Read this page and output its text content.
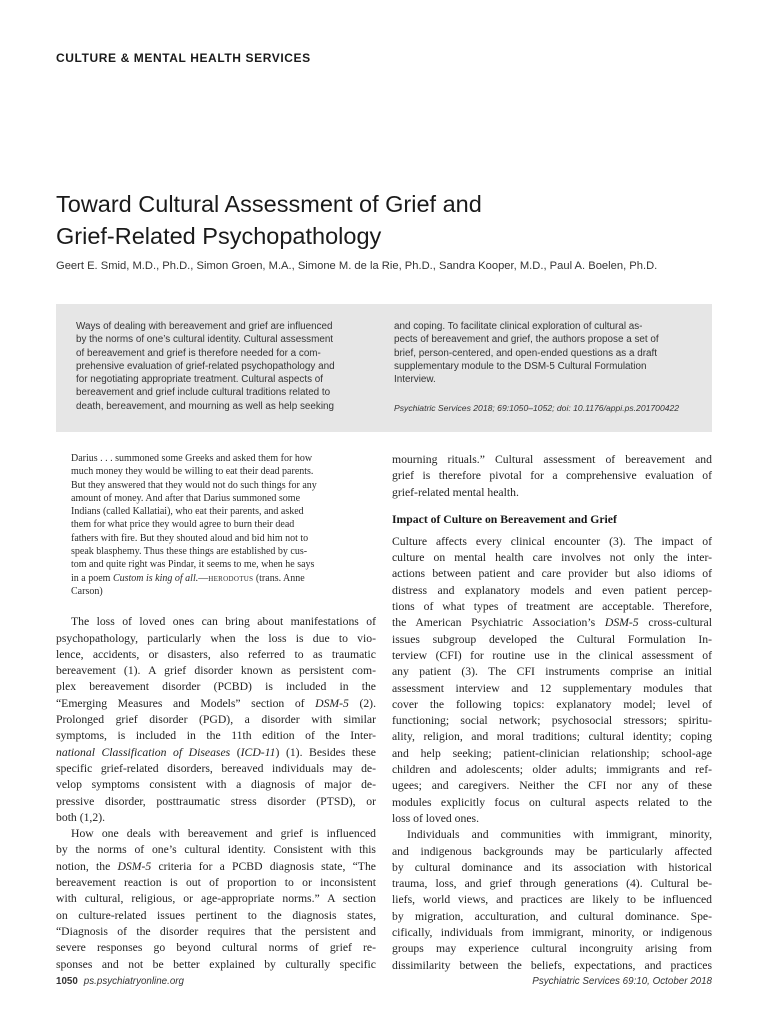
CULTURE & MENTAL HEALTH SERVICES
Toward Cultural Assessment of Grief and
Grief-Related Psychopathology
Geert E. Smid, M.D., Ph.D., Simon Groen, M.A., Simone M. de la Rie, Ph.D., Sandra Kooper, M.D., Paul A. Boelen, Ph.D.
Ways of dealing with bereavement and grief are influenced
by the norms of one’s cultural identity. Cultural assessment
of bereavement and grief is therefore needed for a com-
prehensive evaluation of grief-related psychopathology and
for negotiating appropriate treatment. Cultural aspects of
bereavement and grief include cultural traditions related to
death, bereavement, and mourning as well as help seeking
and coping. To facilitate clinical exploration of cultural as-
pects of bereavement and grief, the authors propose a set of
brief, person-centered, and open-ended questions as a draft
supplementary module to the DSM-5 Cultural Formulation
Interview.
Psychiatric Services 2018; 69:1050–1052; doi: 10.1176/appi.ps.201700422
Darius . . . summoned some Greeks and asked them for how
much money they would be willing to eat their dead parents.
But they answered that they would not do such things for any
amount of money. And after that Darius summoned some
Indians (called Kallatiai), who eat their parents, and asked
them for what price they would agree to burn their dead
fathers with fire. But they shouted aloud and bid him not to
speak blasphemy. Thus these things are established by cus-
tom and quite right was Pindar, it seems to me, when he says
in a poem Custom is king of all.—herodotus (trans. Anne
Carson)
The loss of loved ones can bring about manifestations of
psychopathology, particularly when the loss is due to vio-
lence, accidents, or disasters, also referred to as traumatic
bereavement (1). A grief disorder known as persistent com-
plex bereavement disorder (PCBD) is included in the
“Emerging Measures and Models” section of DSM-5 (2).
Prolonged grief disorder (PGD), a disorder with similar
symptoms, is included in the 11th edition of the Inter-
national Classification of Diseases (ICD-11) (1). Besides these
specific grief-related disorders, bereaved individuals may de-
velop symptoms consistent with a diagnosis of major de-
pressive disorder, posttraumatic stress disorder (PTSD), or
both (1,2).
How one deals with bereavement and grief is influenced
by the norms of one’s cultural identity. Consistent with this
notion, the DSM-5 criteria for a PCBD diagnosis state, “The
bereavement reaction is out of proportion to or inconsistent
with cultural, religious, or age-appropriate norms.” A section
on culture-related issues pertinent to the diagnosis states,
“Diagnosis of the disorder requires that the persistent and
severe responses go beyond cultural norms of grief re-
sponses and not be better explained by culturally specific
mourning rituals.” Cultural assessment of bereavement and
grief is therefore pivotal for a comprehensive evaluation of
grief-related mental health.
Impact of Culture on Bereavement and Grief
Culture affects every clinical encounter (3). The impact of
culture on mental health care involves not only the inter-
actions between patient and care provider but also idioms of
distress and explanatory models and even patient percep-
tions of what types of treatment are acceptable. Therefore,
the American Psychiatric Association’s DSM-5 cross-cultural
issues subgroup developed the Cultural Formulation In-
terview (CFI) for routine use in the clinical assessment of
any patient (3). The CFI instruments comprise an initial
assessment interview and 12 supplementary modules that
cover the following topics: explanatory model; level of
functioning; social network; psychosocial stressors; spiritu-
ality, religion, and moral traditions; cultural identity; coping
and help seeking; patient-clinician relationship; school-age
children and adolescents; older adults; immigrants and ref-
ugees; and caregivers. Neither the CFI nor any of these
modules explicitly focus on cultural aspects related to the
loss of loved ones.
Individuals and communities with immigrant, minority,
and indigenous backgrounds may be particularly affected
by cultural dominance and its association with historical
trauma, loss, and grief through generations (4). Cultural be-
liefs, world views, and practices are likely to be influenced
by migration, acculturation, and cultural dominance. Spe-
cifically, individuals from immigrant, minority, or indigenous
groups may experience cultural incongruity arising from
dissimilarity between the beliefs, expectations, and practices
1050 ps.psychiatryonline.org	Psychiatric Services 69:10, October 2018
